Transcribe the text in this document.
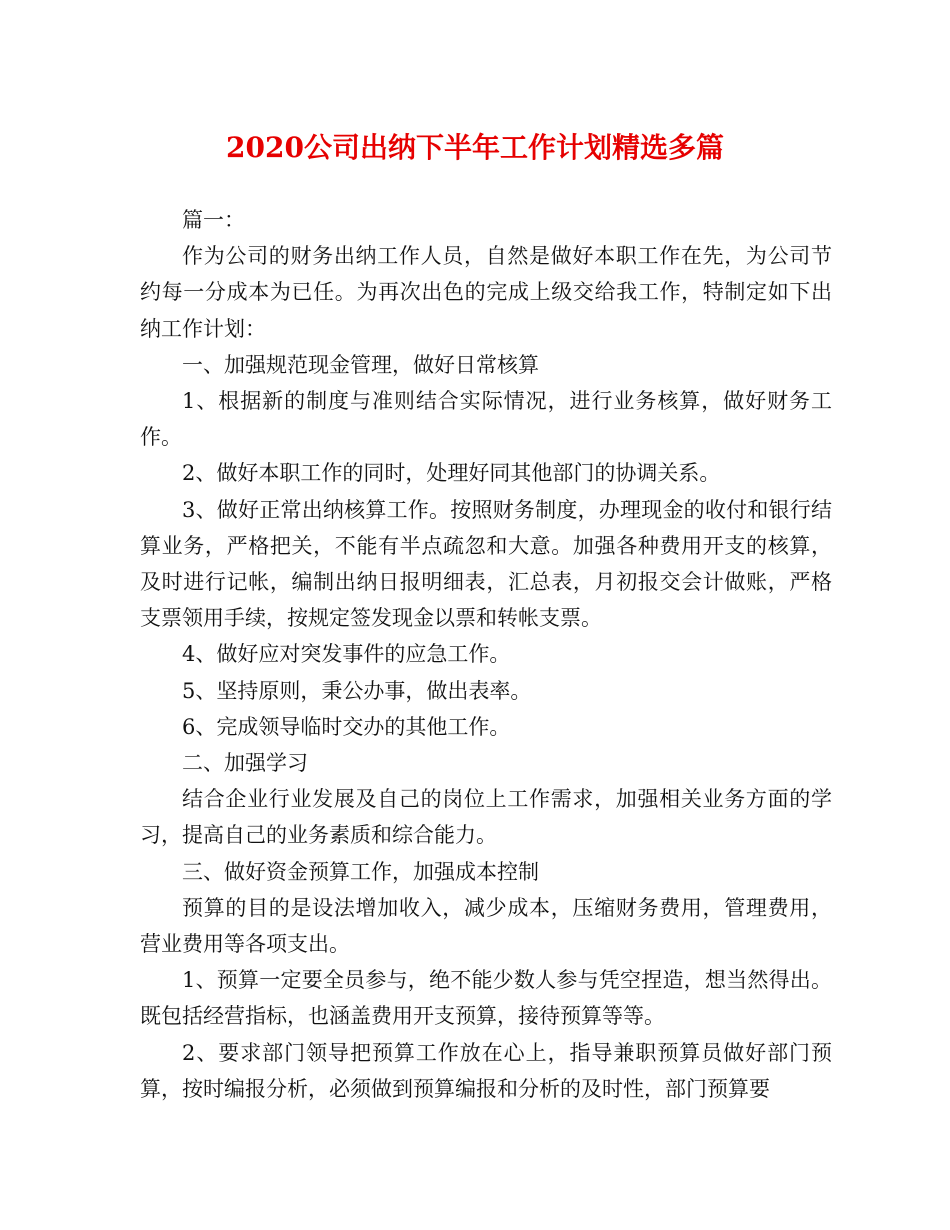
2020公司出纳下半年工作计划精选多篇

篇一：

作为公司的财务出纳工作人员，自然是做好本职工作在先，为公司节约每一分成本为已任。为再次出色的完成上级交给我工作，特制定如下出纳工作计划：

一、加强规范现金管理，做好日常核算

1、根据新的制度与准则结合实际情况，进行业务核算，做好财务工作。

2、做好本职工作的同时，处理好同其他部门的协调关系。

3、做好正常出纳核算工作。按照财务制度，办理现金的收付和银行结算业务，严格把关，不能有半点疏忽和大意。加强各种费用开支的核算，及时进行记帐，编制出纳日报明细表，汇总表，月初报交会计做账，严格支票领用手续，按规定签发现金以票和转帐支票。

4、做好应对突发事件的应急工作。

5、坚持原则，秉公办事，做出表率。

6、完成领导临时交办的其他工作。

二、加强学习

结合企业行业发展及自己的岗位上工作需求，加强相关业务方面的学习，提高自己的业务素质和综合能力。

三、做好资金预算工作，加强成本控制

预算的目的是设法增加收入，减少成本，压缩财务费用，管理费用，营业费用等各项支出。

1、预算一定要全员参与，绝不能少数人参与凭空捏造，想当然得出。既包括经营指标，也涵盖费用开支预算，接待预算等等。

2、要求部门领导把预算工作放在心上，指导兼职预算员做好部门预算，按时编报分析，必须做到预算编报和分析的及时性，部门预算要
